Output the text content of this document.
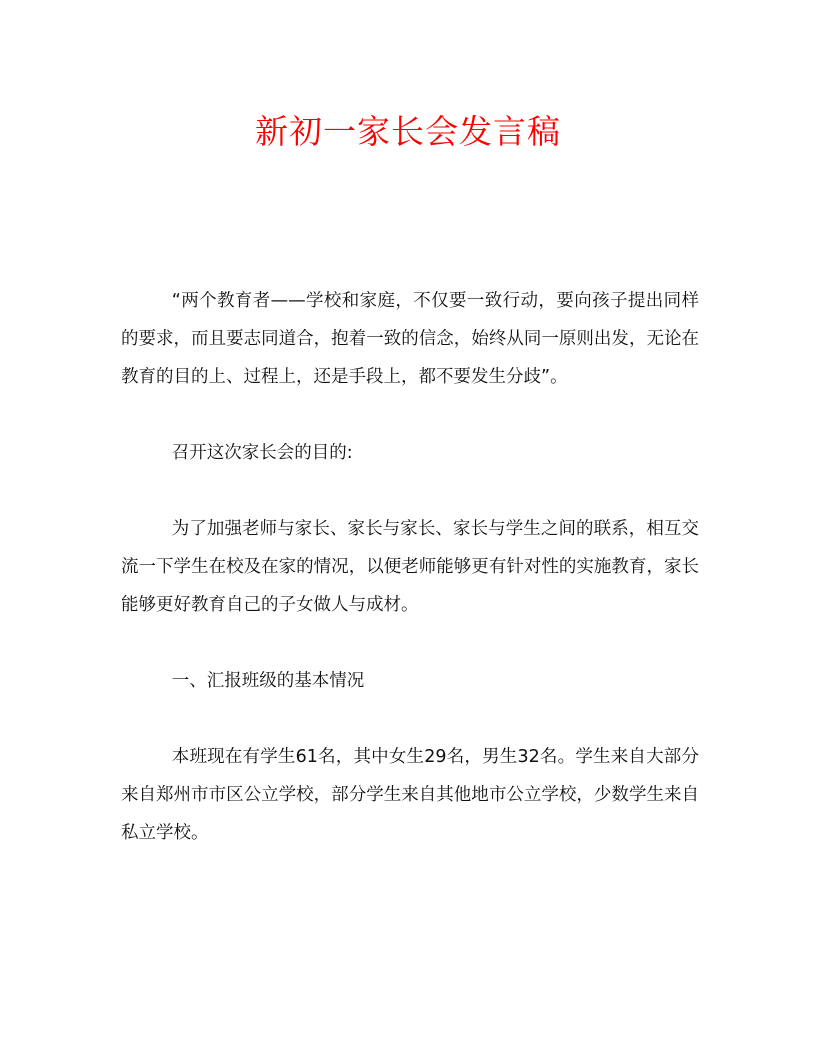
新初一家长会发言稿

“两个教育者——学校和家庭，不仅要一致行动，要向孩子提出同样的要求，而且要志同道合，抱着一致的信念，始终从同一原则出发，无论在教育的目的上、过程上，还是手段上，都不要发生分歧”。

召开这次家长会的目的:

为了加强老师与家长、家长与家长、家长与学生之间的联系，相互交流一下学生在校及在家的情况，以便老师能够更有针对性的实施教育，家长能够更好教育自己的子女做人与成材。

一、汇报班级的基本情况

本班现在有学生61名，其中女生29名，男生32名。学生来自大部分来自郑州市市区公立学校，部分学生来自其他地市公立学校，少数学生来自私立学校。
